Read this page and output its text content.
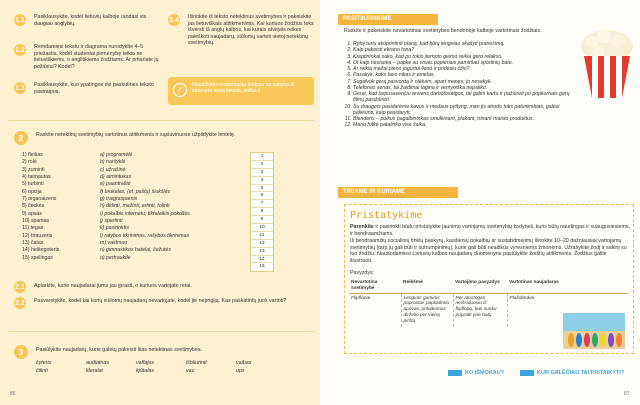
1.1 Pasiklausykite, kodėl lietuvių kalboje randasi vis daugiau anglybių.
1.2 Remdamiesi tekstu ir diagrama nurodykite 4–5 priežastis, kodėl studentai pirmenybę teikia ne lietuviškiems, o angliškiems žodžiams. Ar pritariate jų požiūriui? Kodėl?
1.3 Pasiklausykite, kuo ypatingos dvi paskutines teksto pastraipos.
1.4 Iširinkite iš teksto netektinus svetimybes ir pakeiskite jas lietuviškais atitikmenimis. Kai kuriuos žodžius teks išversti iš anglų kalbos, kai kurais atvejais reikes paieškoti naujadarų, siūlomų vartoti vietoj netektinų svetimybių.
✓	Naudokitės mokomuoju žodynu su saityba iš interneto www.lietuvių kalba.lt
2	Raskite netektinų svetimybių vartotinus atitikmenis ir sąsiuvinuose užpildykite lentelę.
1) fleišas
2) rolė
3) zuminti
4) taimautas
5) turbinti
6) opcija
7) organaizeris
8) čeckės
9) apsas
10) spamas
11) tegas
12) brauzeris
13) čatas
14) heštegoteris
15) spelingas
a) programėlė
b) naršyklė
c) užrašinė
d) atmintukas
e) paantraštė
f) brukalas, (el. paštu) šiukšlės
g) traigtasparnis
h) didinti, mažinti; artinti, tolinti
i) pokalbis internetu; tikralaikis pokalbis
j) spartinti
k) pasirinktis
l) ratybos tikrinimas, rašybos tikrinimas
m) vaidmuo
n) gimnastikos batelai, čežutės
o) pertrauktlė
1
2
3
4
5
6
7
8
9
10
11
12
13
14
15
2.1 Aptarkite, kurie naujadarai jums jau įprasti, o kuriuos vartojate retai.
2.2 Pasvarstykite, kodėl kai kurių siūlomų naujadarų nevartojate, kodėl jie neprigiją. Kas paskatintų juos vartoti?
3	Pasiūlykite naujadarų, kurie galėtų pakeisti šias netektinas svetimybes.
čyteris	audiatnas	vaflajus	išbliurinti	vaibas
čilinti	literalai	kjūtalas	vau	ups
86
PASITIKRINKIME
Raskite ir pakeiskite nevartotinas svetimybes bendrinėje kalboje vartotinais žodžiais.
1. Rytoj turiu atsiprintinti planą, kad būtų lengviau skaityti pranešimą.
2. Kaip pakeisti ekrano foną?
3. Kreptininkai sako, kad po tokio įtempto geimo reikia gero relakso.
4. Ot kaip nesiseka – papke su visais popieriais pamiršau sportinių bate.
5. Ar reikia mažai pieno jogurtui lieno ir pridėsiu čilio?
6. Pasakyk, koks tavo nikas ir emelas.
7. Sugalvok gerą pasvordą ir niekam, apart manęs, jo nesakyk.
8. Telefonas senas, tai žaidimai lagina ir vemyniška nepaliko.
9. Gerai, kad tarpusavenčiu tevams darbotosatgos, tai galim kartu ir pažiūrėti po popkornais gerų filmų pasižiūrėti.
10. Su draugeis pasidarėme kavos ir medaus pyttyng, man jis atrodo toks paturėmbias, galėsi paliesinti, kaip pasidaryti.
11. Blenderis – puikus pagalbininkas smulkinant, plakant, trinant maisto produktus.
12. Mano fotkė patalinko visa šaika.
TIRIAME IR KURIAME
Pristatykime
Parenkite ir pasirinkti būdu pristatykite jaunimo vartojamų svetimybių žodyneli, kuris būtų naudingas ir suaugusiesiems, ir bendraamžiams.
Iš bendraamžių socialinių tinklų paskyrų, kasdienių pokalbių ar sustabdmeįimų išrinkite 10–20 dažniausiai vartojamų svetimybių (tarp jų gali būti ir sutrumpinimų), kurie gali būti neaiškūs vyresniems žmonėms. Užrašykite žodį ir sakinį su tuo žodžiu. Naudodamiesi Lietuvių kalbos naujadarų duomenyne pasiūlykite žodžių atitikmenis. Žodžius galite iliustruoti.
Pavyzdys:
Nevartotina svetimybė	Reikšmė	Vartojimo pavyzdys	Vartotinas naujadaras
Flipflopai	Lengvas guminis paprastas paplūdimio apavas, prilaikomas dirželio per vieną pirštą	Per atostogas neišsiduosiu iš flipflopų, bus sunku pripratti prie batų	Plaždinukai
KO IŠMOKAU?	KUR GALĖČIAU TAI PRITAIKYTI?
87
